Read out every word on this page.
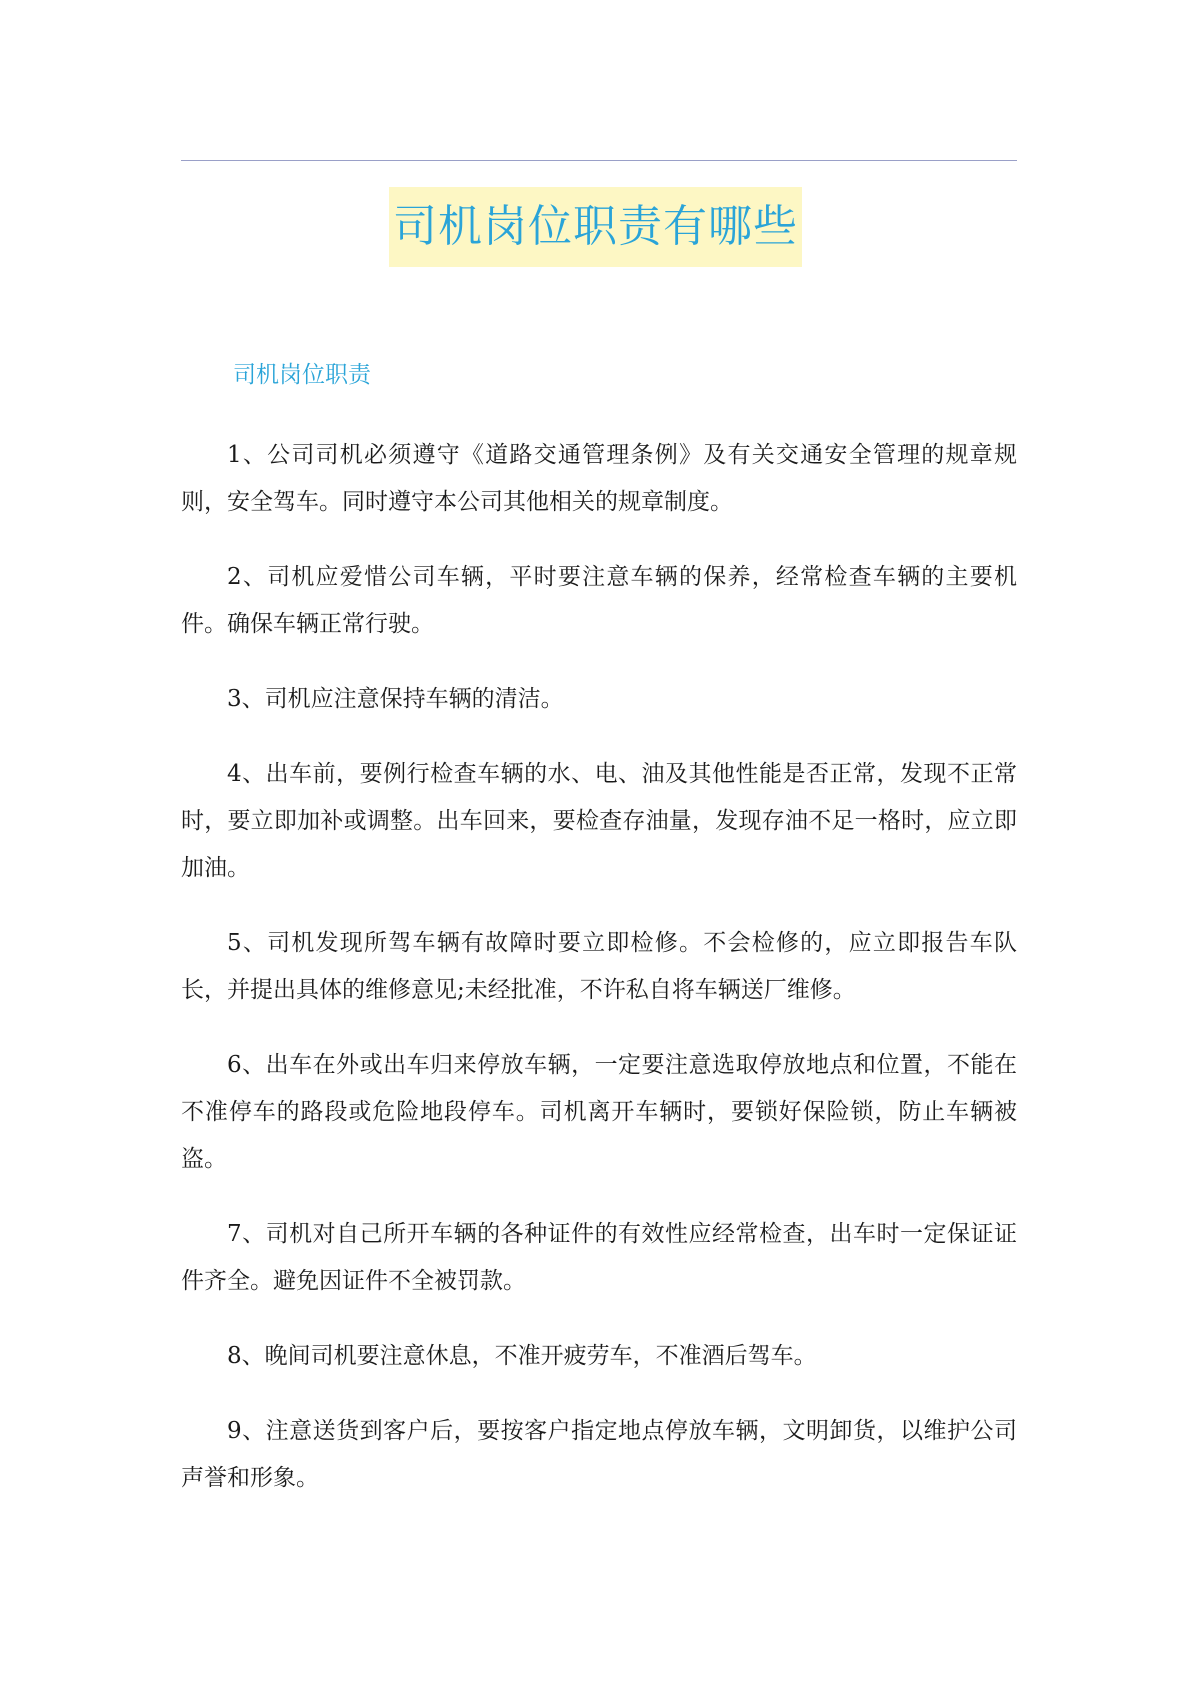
司机岗位职责有哪些
司机岗位职责

1、公司司机必须遵守《道路交通管理条例》及有关交通安全管理的规章规则，安全驾车。同时遵守本公司其他相关的规章制度。

2、司机应爱惜公司车辆，平时要注意车辆的保养，经常检查车辆的主要机件。确保车辆正常行驶。

3、司机应注意保持车辆的清洁。

4、出车前，要例行检查车辆的水、电、油及其他性能是否正常，发现不正常时，要立即加补或调整。出车回来，要检查存油量，发现存油不足一格时，应立即加油。

5、司机发现所驾车辆有故障时要立即检修。不会检修的，应立即报告车队长，并提出具体的维修意见;未经批准，不许私自将车辆送厂维修。

6、出车在外或出车归来停放车辆，一定要注意选取停放地点和位置，不能在不准停车的路段或危险地段停车。司机离开车辆时，要锁好保险锁，防止车辆被盗。

7、司机对自己所开车辆的各种证件的有效性应经常检查，出车时一定保证证件齐全。避免因证件不全被罚款。

8、晚间司机要注意休息，不准开疲劳车，不准酒后驾车。

9、注意送货到客户后，要按客户指定地点停放车辆，文明卸货，以维护公司声誉和形象。
